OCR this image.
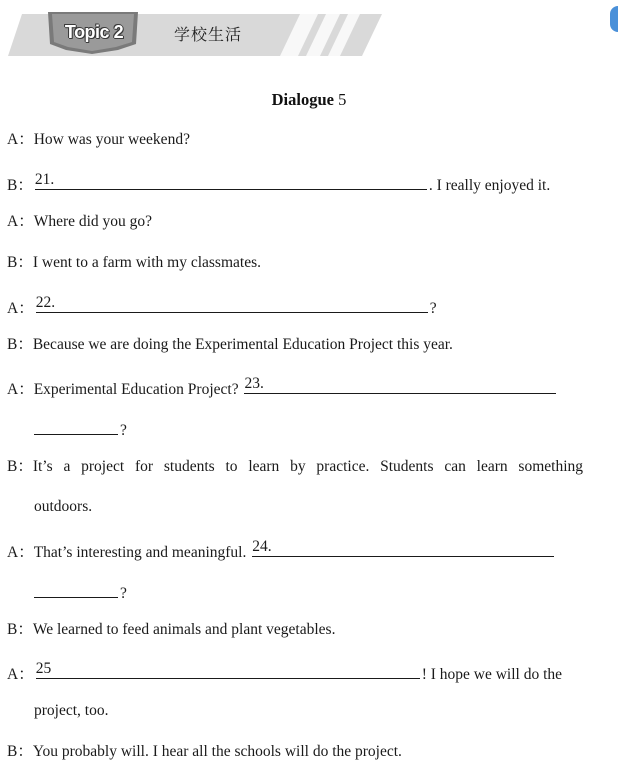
Topic 2	学校生活
Dialogue 5
A：How was your weekend?
B： 21.	. I really enjoyed it.
A：Where did you go?
B：I went to a farm with my classmates.
A： 22.	?
B：Because we are doing the Experimental Education Project this year.
A：Experimental Education Project? 23.
?
B：It’s a project for students to learn by practice. Students can learn something
outdoors.
A：That’s interesting and meaningful. 24.
?
B：We learned to feed animals and plant vegetables.
A： 25	! I hope we will do the
project, too.
B：You probably will. I hear all the schools will do the project.
